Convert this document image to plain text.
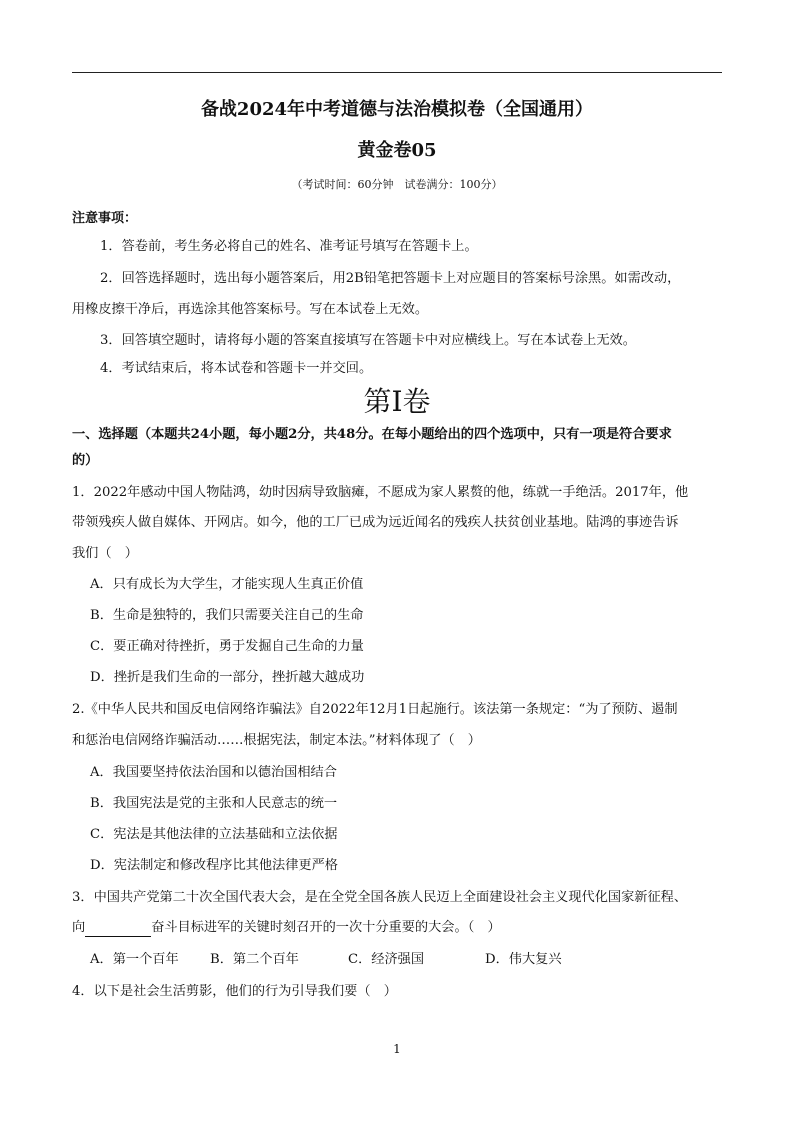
备战2024年中考道德与法治模拟卷（全国通用）
黄金卷05
（考试时间：60分钟　试卷满分：100分）
注意事项：
1．答卷前，考生务必将自己的姓名、准考证号填写在答题卡上。
2．回答选择题时，选出每小题答案后，用2B铅笔把答题卡上对应题目的答案标号涂黑。如需改动，
用橡皮擦干净后，再选涂其他答案标号。写在本试卷上无效。
3．回答填空题时，请将每小题的答案直接填写在答题卡中对应横线上。写在本试卷上无效。
4．考试结束后，将本试卷和答题卡一并交回。
第Ⅰ卷
一、选择题（本题共24小题，每小题2分，共48分。在每小题给出的四个选项中，只有一项是符合要求
的）
1．2022年感动中国人物陆鸿，幼时因病导致脑瘫，不愿成为家人累赘的他，练就一手绝活。2017年，他
带领残疾人做自媒体、开网店。如今，他的工厂已成为远近闻名的残疾人扶贫创业基地。陆鸿的事迹告诉
我们（　）
A．只有成长为大学生，才能实现人生真正价值
B．生命是独特的，我们只需要关注自己的生命
C．要正确对待挫折，勇于发掘自己生命的力量
D．挫折是我们生命的一部分，挫折越大越成功
2.《中华人民共和国反电信网络诈骗法》自2022年12月1日起施行。该法第一条规定：“为了预防、遏制
和惩治电信网络诈骗活动……根据宪法，制定本法。”材料体现了（　）
A．我国要坚持依法治国和以德治国相结合
B．我国宪法是党的主张和人民意志的统一
C．宪法是其他法律的立法基础和立法依据
D．宪法制定和修改程序比其他法律更严格
3．中国共产党第二十次全国代表大会，是在全党全国各族人民迈上全面建设社会主义现代化国家新征程、
向	奋斗目标进军的关键时刻召开的一次十分重要的大会。（　）
A．第一个百年 B．第二个百年	C．经济强国	D．伟大复兴
4．以下是社会生活剪影，他们的行为引导我们要（　）
1
